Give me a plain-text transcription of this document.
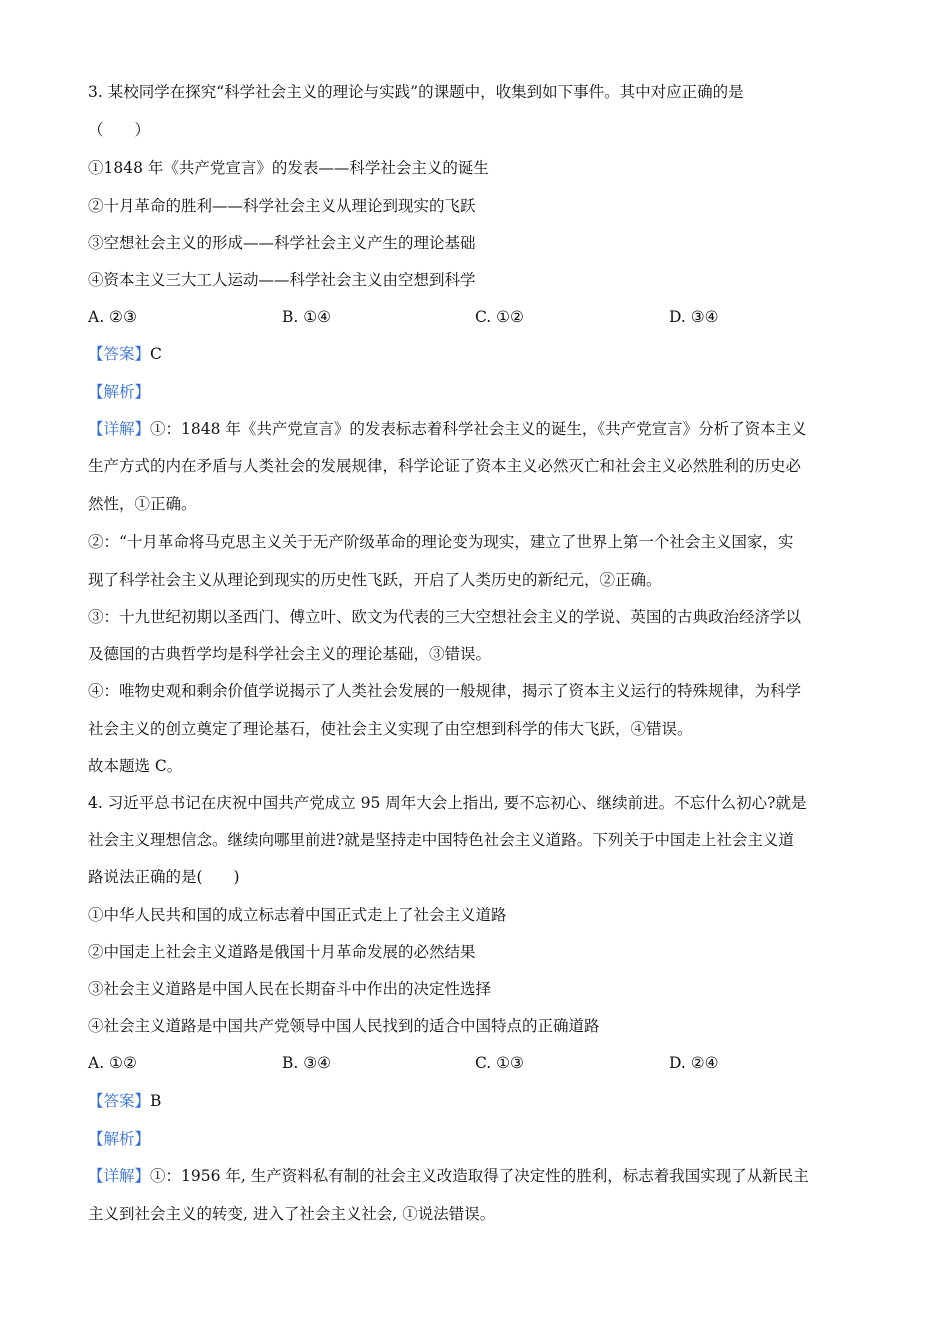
3. 某校同学在探究“科学社会主义的理论与实践”的课题中，收集到如下事件。其中对应正确的是
（　　）
①1848 年《共产党宣言》的发表——科学社会主义的诞生
②十月革命的胜利——科学社会主义从理论到现实的飞跃
③空想社会主义的形成——科学社会主义产生的理论基础
④资本主义三大工人运动——科学社会主义由空想到科学
A. ②③	B. ①④	C. ①②	D. ③④
【答案】C
【解析】
【详解】①：1848 年《共产党宣言》的发表标志着科学社会主义的诞生，《共产党宣言》分析了资本主义
生产方式的内在矛盾与人类社会的发展规律，科学论证了资本主义必然灭亡和社会主义必然胜利的历史必
然性，①正确。
②：“十月革命将马克思主义关于无产阶级革命的理论变为现实，建立了世界上第一个社会主义国家，实
现了科学社会主义从理论到现实的历史性飞跃，开启了人类历史的新纪元，②正确。
③：十九世纪初期以圣西门、傅立叶、欧文为代表的三大空想社会主义的学说、英国的古典政治经济学以
及德国的古典哲学均是科学社会主义的理论基础，③错误。
④：唯物史观和剩余价值学说揭示了人类社会发展的一般规律，揭示了资本主义运行的特殊规律，为科学
社会主义的创立奠定了理论基石，使社会主义实现了由空想到科学的伟大飞跃，④错误。
故本题选 C。
4. 习近平总书记在庆祝中国共产党成立 95 周年大会上指出, 要不忘初心、继续前进。不忘什么初心?就是
社会主义理想信念。继续向哪里前进?就是坚持走中国特色社会主义道路。下列关于中国走上社会主义道
路说法正确的是(　　)
①中华人民共和国的成立标志着中国正式走上了社会主义道路
②中国走上社会主义道路是俄国十月革命发展的必然结果
③社会主义道路是中国人民在长期奋斗中作出的决定性选择
④社会主义道路是中国共产党领导中国人民找到的适合中国特点的正确道路
A. ①②	B. ③④	C. ①③	D. ②④
【答案】B
【解析】
【详解】①：1956 年, 生产资料私有制的社会主义改造取得了决定性的胜利，标志着我国实现了从新民主
主义到社会主义的转变, 进入了社会主义社会, ①说法错误。
